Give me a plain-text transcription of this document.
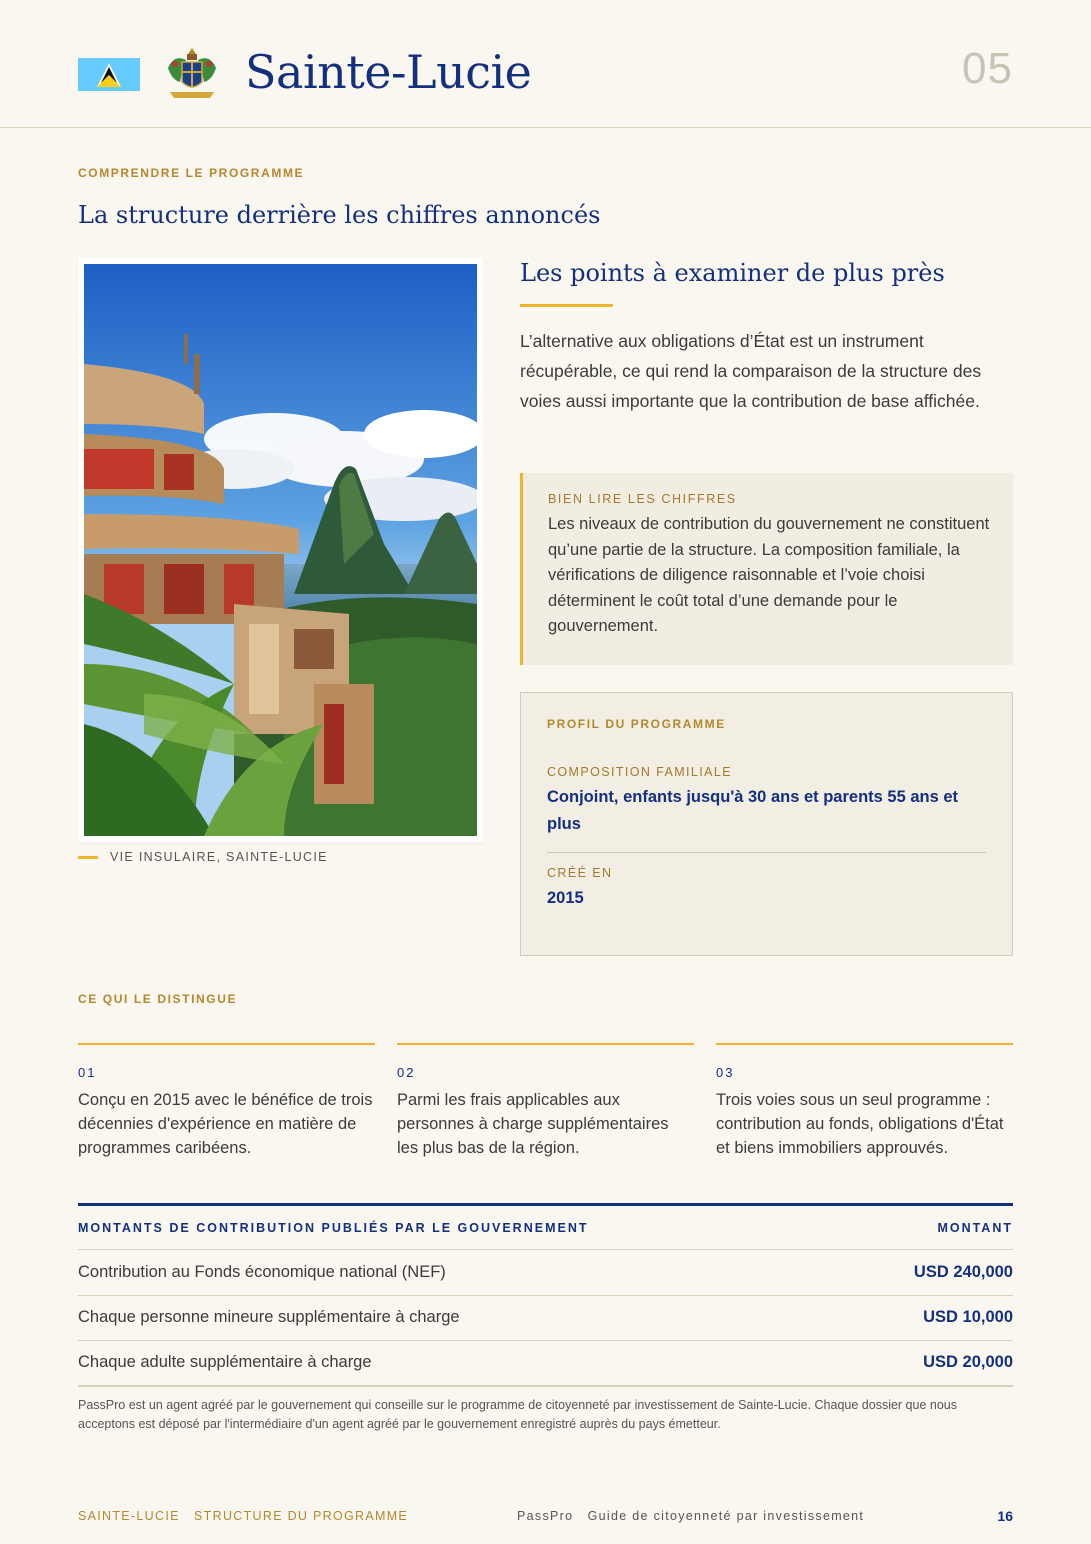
Sainte-Lucie	05
COMPRENDRE LE PROGRAMME
La structure derrière les chiffres annoncés
VIE INSULAIRE, SAINTE-LUCIE
Les points à examiner de plus près
L’alternative aux obligations d’État est un instrument récupérable, ce qui rend la comparaison de la structure des voies aussi importante que la contribution de base affichée.
BIEN LIRE LES CHIFFRES
Les niveaux de contribution du gouvernement ne constituent qu’une partie de la structure. La composition familiale, la vérifications de diligence raisonnable et l’voie choisi déterminent le coût total d’une demande pour le gouvernement.
PROFIL DU PROGRAMME
COMPOSITION FAMILIALE
Conjoint, enfants jusqu'à 30 ans et parents 55 ans et plus
CRÉÉ EN
2015
CE QUI LE DISTINGUE
01
Conçu en 2015 avec le bénéfice de trois décennies d'expérience en matière de programmes caribéens.
02
Parmi les frais applicables aux personnes à charge supplémentaires les plus bas de la région.
03
Trois voies sous un seul programme : contribution au fonds, obligations d'État et biens immobiliers approuvés.
MONTANTS DE CONTRIBUTION PUBLIÉS PAR LE GOUVERNEMENT	MONTANT
Contribution au Fonds économique national (NEF)	USD 240,000
Chaque personne mineure supplémentaire à charge	USD 10,000
Chaque adulte supplémentaire à charge	USD 20,000
PassPro est un agent agréé par le gouvernement qui conseille sur le programme de citoyenneté par investissement de Sainte-Lucie. Chaque dossier que nous acceptons est déposé par l'intermédiaire d'un agent agréé par le gouvernement enregistré auprès du pays émetteur.
SAINTE-LUCIE   STRUCTURE DU PROGRAMME	PassPro   Guide de citoyenneté par investissement	16
